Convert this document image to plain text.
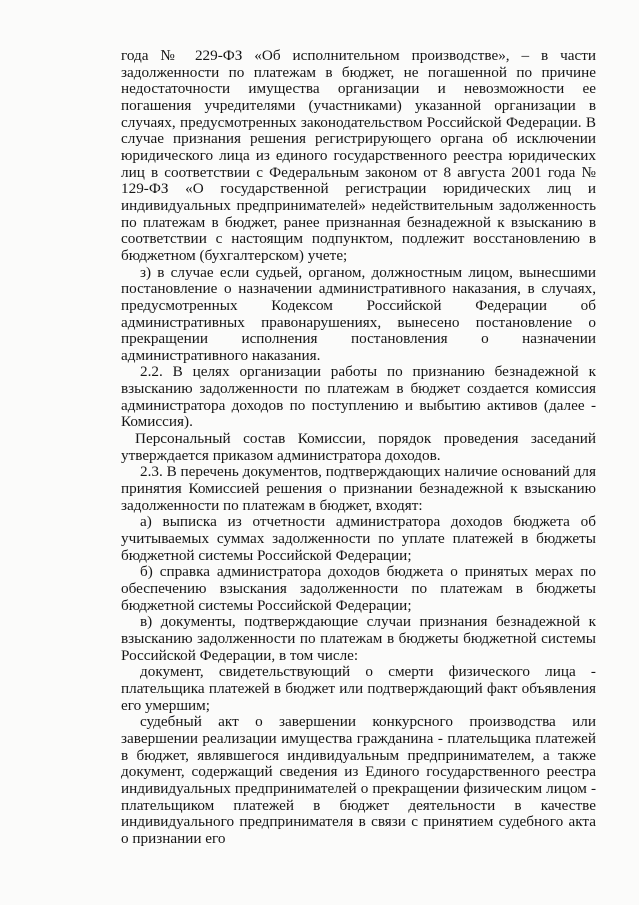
года № 229-ФЗ «Об исполнительном производстве», – в части задолженности по платежам в бюджет, не погашенной по причине недостаточности имущества организации и невозможности ее погашения учредителями (участниками) указанной организации в случаях, предусмотренных законодательством Российской Федерации. В случае признания решения регистрирующего органа об исключении юридического лица из единого государственного реестра юридических лиц в соответствии с Федеральным законом от 8 августа 2001 года № 129-ФЗ «О государственной регистрации юридических лиц и индивидуальных предпринимателей» недействительным задолженность по платежам в бюджет, ранее признанная безнадежной к взысканию в соответствии с настоящим подпунктом, подлежит восстановлению в бюджетном (бухгалтерском) учете;

з) в случае если судьей, органом, должностным лицом, вынесшими постановление о назначении административного наказания, в случаях, предусмотренных Кодексом Российской Федерации об административных правонарушениях, вынесено постановление о прекращении исполнения постановления о назначении административного наказания.

2.2. В целях организации работы по признанию безнадежной к взысканию задолженности по платежам в бюджет создается комиссия администратора доходов по поступлению и выбытию активов (далее - Комиссия).

Персональный состав Комиссии, порядок проведения заседаний утверждается приказом администратора доходов.

2.3. В перечень документов, подтверждающих наличие оснований для принятия Комиссией решения о признании безнадежной к взысканию задолженности по платежам в бюджет, входят:

а) выписка из отчетности администратора доходов бюджета об учитываемых суммах задолженности по уплате платежей в бюджеты бюджетной системы Российской Федерации;

б) справка администратора доходов бюджета о принятых мерах по обеспечению взыскания задолженности по платежам в бюджеты бюджетной системы Российской Федерации;

в) документы, подтверждающие случаи признания безнадежной к взысканию задолженности по платежам в бюджеты бюджетной системы Российской Федерации, в том числе:

документ, свидетельствующий о смерти физического лица - плательщика платежей в бюджет или подтверждающий факт объявления его умершим;

судебный акт о завершении конкурсного производства или завершении реализации имущества гражданина - плательщика платежей в бюджет, являвшегося индивидуальным предпринимателем, а также документ, содержащий сведения из Единого государственного реестра индивидуальных предпринимателей о прекращении физическим лицом - плательщиком платежей в бюджет деятельности в качестве индивидуального предпринимателя в связи с принятием судебного акта о признании его
